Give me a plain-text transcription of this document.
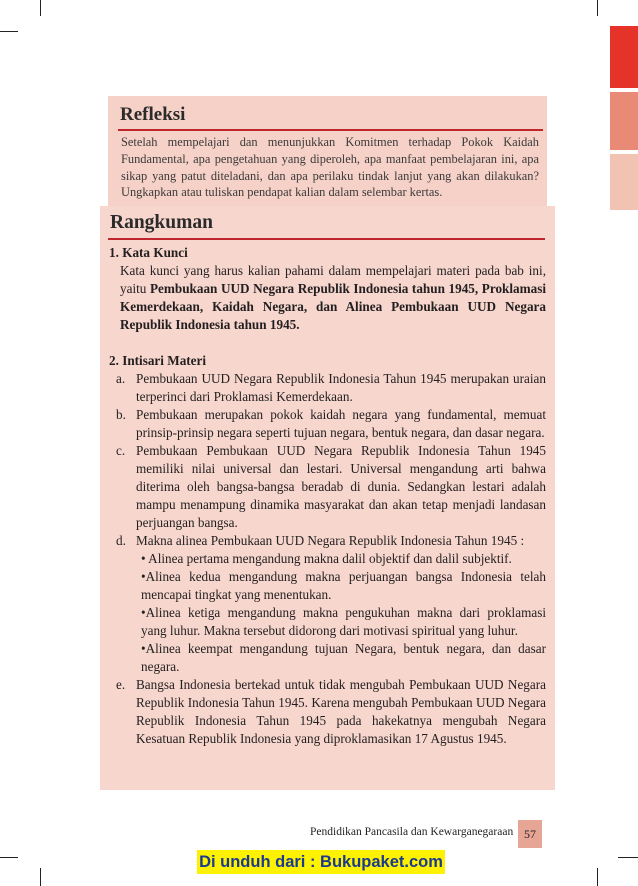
Refleksi
Setelah mempelajari dan menunjukkan Komitmen terhadap Pokok Kaidah Fundamental, apa pengetahuan yang diperoleh, apa manfaat pembelajaran ini, apa sikap yang patut diteladani, dan apa perilaku tindak lanjut yang akan dilakukan? Ungkapkan atau tuliskan pendapat kalian dalam selembar kertas.
Rangkuman
1. Kata Kunci
Kata kunci yang harus kalian pahami dalam mempelajari materi pada bab ini, yaitu Pembukaan UUD Negara Republik Indonesia tahun 1945, Proklamasi Kemerdekaan, Kaidah Negara, dan Alinea Pembukaan UUD Negara Republik Indonesia tahun 1945.
2. Intisari Materi
a. Pembukaan UUD Negara Republik Indonesia Tahun 1945 merupakan uraian terperinci dari Proklamasi Kemerdekaan.
b. Pembukaan merupakan pokok kaidah negara yang fundamental, memuat prinsip-prinsip negara seperti tujuan negara, bentuk negara, dan dasar negara.
c. Pembukaan Pembukaan UUD Negara Republik Indonesia Tahun 1945 memiliki nilai universal dan lestari. Universal mengandung arti bahwa diterima oleh bangsa-bangsa beradab di dunia. Sedangkan lestari adalah mampu menampung dinamika masyarakat dan akan tetap menjadi landasan perjuangan bangsa.
d. Makna alinea Pembukaan UUD Negara Republik Indonesia Tahun 1945 :
• Alinea pertama mengandung makna dalil objektif dan dalil subjektif.
•Alinea kedua mengandung makna perjuangan bangsa Indonesia telah mencapai tingkat yang menentukan.
•Alinea ketiga mengandung makna pengukuhan makna dari proklamasi yang luhur. Makna tersebut didorong dari motivasi spiritual yang luhur.
•Alinea keempat mengandung tujuan Negara, bentuk negara, dan dasar negara.
e. Bangsa Indonesia bertekad untuk tidak mengubah Pembukaan UUD Negara Republik Indonesia Tahun 1945. Karena mengubah Pembukaan UUD Negara Republik Indonesia Tahun 1945 pada hakekatnya mengubah Negara Kesatuan Republik Indonesia yang diproklamasikan 17 Agustus 1945.
Pendidikan Pancasila dan Kewarganegaraan 57
Di unduh dari : Bukupaket.com
